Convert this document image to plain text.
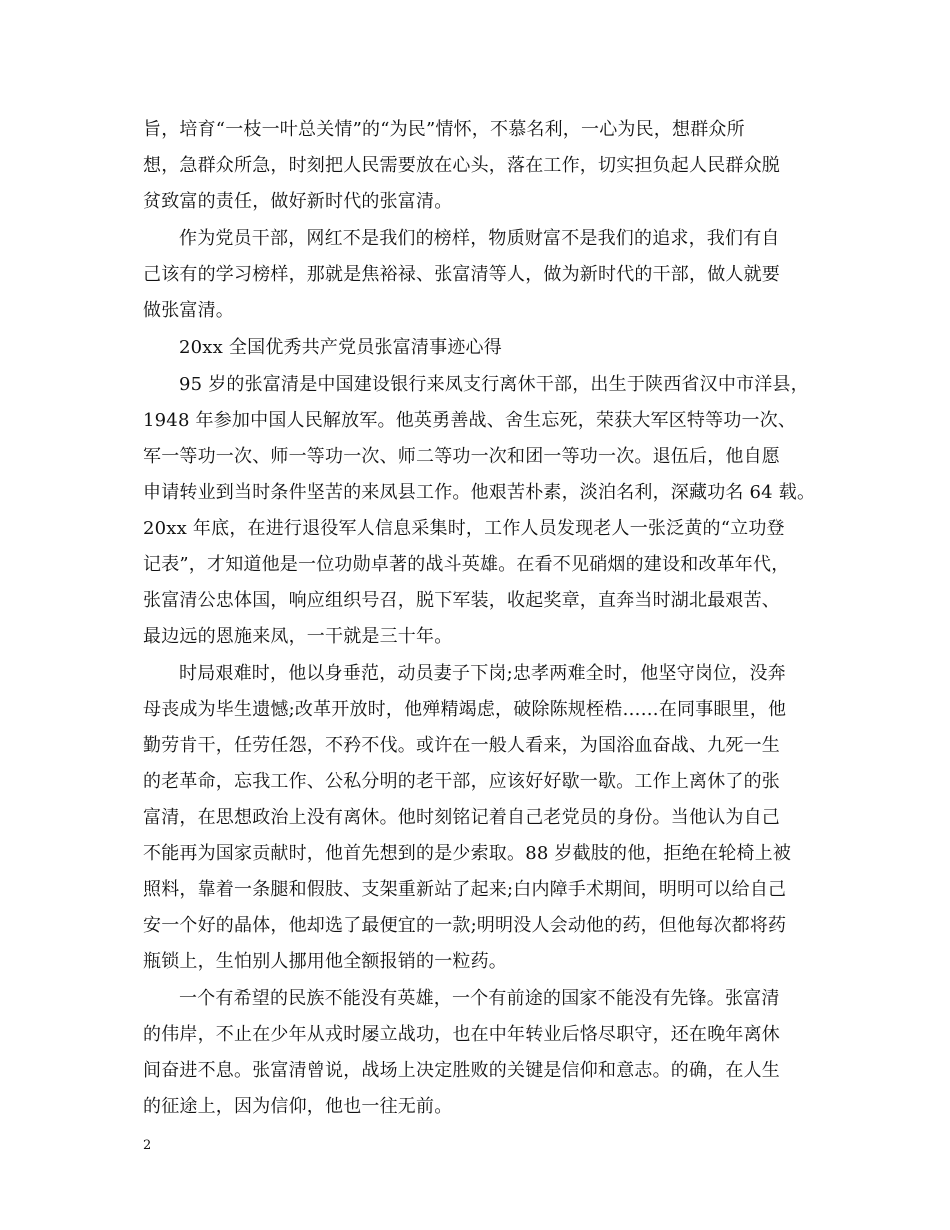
旨，培育“一枝一叶总关情”的“为民”情怀，不慕名利，一心为民，想群众所
想，急群众所急，时刻把人民需要放在心头，落在工作，切实担负起人民群众脱
贫致富的责任，做好新时代的张富清。
作为党员干部，网红不是我们的榜样，物质财富不是我们的追求，我们有自
己该有的学习榜样，那就是焦裕禄、张富清等人，做为新时代的干部，做人就要
做张富清。
20xx 全国优秀共产党员张富清事迹心得
95 岁的张富清是中国建设银行来凤支行离休干部，出生于陕西省汉中市洋县，
1948 年参加中国人民解放军。他英勇善战、舍生忘死，荣获大军区特等功一次、
军一等功一次、师一等功一次、师二等功一次和团一等功一次。退伍后，他自愿
申请转业到当时条件坚苦的来凤县工作。他艰苦朴素，淡泊名利，深藏功名 64 载。
20xx 年底，在进行退役军人信息采集时，工作人员发现老人一张泛黄的“立功登
记表”，才知道他是一位功勋卓著的战斗英雄。在看不见硝烟的建设和改革年代，
张富清公忠体国，响应组织号召，脱下军装，收起奖章，直奔当时湖北最艰苦、
最边远的恩施来凤，一干就是三十年。
时局艰难时，他以身垂范，动员妻子下岗;忠孝两难全时，他坚守岗位，没奔
母丧成为毕生遗憾;改革开放时，他殚精竭虑，破除陈规桎梏……在同事眼里，他
勤劳肯干，任劳任怨，不矜不伐。或许在一般人看来，为国浴血奋战、九死一生
的老革命，忘我工作、公私分明的老干部，应该好好歇一歇。工作上离休了的张
富清，在思想政治上没有离休。他时刻铭记着自己老党员的身份。当他认为自己
不能再为国家贡献时，他首先想到的是少索取。88 岁截肢的他，拒绝在轮椅上被
照料，靠着一条腿和假肢、支架重新站了起来;白内障手术期间，明明可以给自己
安一个好的晶体，他却选了最便宜的一款;明明没人会动他的药，但他每次都将药
瓶锁上，生怕别人挪用他全额报销的一粒药。
一个有希望的民族不能没有英雄，一个有前途的国家不能没有先锋。张富清
的伟岸，不止在少年从戎时屡立战功，也在中年转业后恪尽职守，还在晚年离休
间奋进不息。张富清曾说，战场上决定胜败的关键是信仰和意志。的确，在人生
的征途上，因为信仰，他也一往无前。
2
